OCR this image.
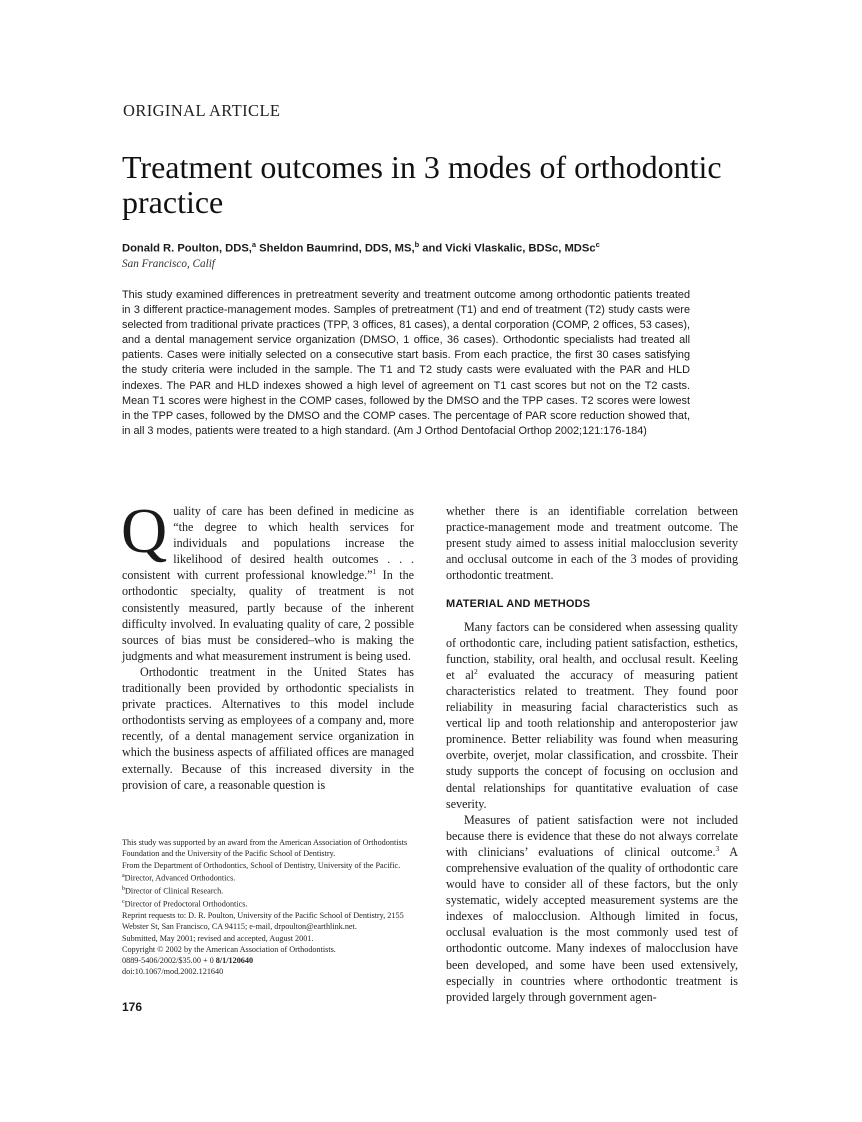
ORIGINAL ARTICLE
Treatment outcomes in 3 modes of orthodontic practice
Donald R. Poulton, DDS,$^a$ Sheldon Baumrind, DDS, MS,$^b$ and Vicki Vlaskalic, BDSc, MDSc$^c$
San Francisco, Calif

This study examined differences in pretreatment severity and treatment outcome among orthodontic patients treated in 3 different practice-management modes. Samples of pretreatment (T1) and end of treatment (T2) study casts were selected from traditional private practices (TPP, 3 offices, 81 cases), a dental corporation (COMP, 2 offices, 53 cases), and a dental management service organization (DMSO, 1 office, 36 cases). Orthodontic specialists had treated all patients. Cases were initially selected on a consecutive start basis. From each practice, the first 30 cases satisfying the study criteria were included in the sample. The T1 and T2 study casts were evaluated with the PAR and HLD indexes. The PAR and HLD indexes showed a high level of agreement on T1 cast scores but not on the T2 casts. Mean T1 scores were highest in the COMP cases, followed by the DMSO and the TPP cases. T2 scores were lowest in the TPP cases, followed by the DMSO and the COMP cases. The percentage of PAR score reduction showed that, in all 3 modes, patients were treated to a high standard. (Am J Orthod Dentofacial Orthop 2002;121:176-184)

Quality of care has been defined in medicine as “the degree to which health services for individuals and populations increase the likelihood of desired health outcomes . . . consistent with current professional knowledge.”$^1$ In the orthodontic specialty, quality of treatment is not consistently measured, partly because of the inherent difficulty involved. In evaluating quality of care, 2 possible sources of bias must be considered–who is making the judgments and what measurement instrument is being used.

Orthodontic treatment in the United States has traditionally been provided by orthodontic specialists in private practices. Alternatives to this model include orthodontists serving as employees of a company and, more recently, of a dental management service organization in which the business aspects of affiliated offices are managed externally. Because of this increased diversity in the provision of care, a reasonable question is

whether there is an identifiable correlation between practice-management mode and treatment outcome. The present study aimed to assess initial malocclusion severity and occlusal outcome in each of the 3 modes of providing orthodontic treatment.

MATERIAL AND METHODS

Many factors can be considered when assessing quality of orthodontic care, including patient satisfaction, esthetics, function, stability, oral health, and occlusal result. Keeling et $al^2$ evaluated the accuracy of measuring patient characteristics related to treatment. They found poor reliability in measuring facial characteristics such as vertical lip and tooth relationship and anteroposterior jaw prominence. Better reliability was found when measuring overbite, overjet, molar classification, and crossbite. Their study supports the concept of focusing on occlusion and dental relationships for quantitative evaluation of case severity.

Measures of patient satisfaction were not included because there is evidence that these do not always correlate with clinicians’ evaluations of clinical outcome.$^3$ A comprehensive evaluation of the quality of orthodontic care would have to consider all of these factors, but the only systematic, widely accepted measurement systems are the indexes of malocclusion. Although limited in focus, occlusal evaluation is the most commonly used test of orthodontic outcome. Many indexes of malocclusion have been developed, and some have been used extensively, especially in countries where orthodontic treatment is provided largely through government agen-

This study was supported by an award from the American Association of Orthodontists Foundation and the University of the Pacific School of Dentistry.
From the Department of Orthodontics, School of Dentistry, University of the Pacific.
$^a$Director, Advanced Orthodontics.
$^b$Director of Clinical Research.
$^c$Director of Predoctoral Orthodontics.
Reprint requests to: D. R. Poulton, University of the Pacific School of Dentistry, 2155 Webster St, San Francisco, CA 94115; e-mail, drpoulton@earthlink.net.
Submitted, May 2001; revised and accepted, August 2001.
Copyright © 2002 by the American Association of Orthodontists.
0889-5406/2002/$35.00 + 0 8/1/120640
doi:10.1067/mod.2002.121640
176
